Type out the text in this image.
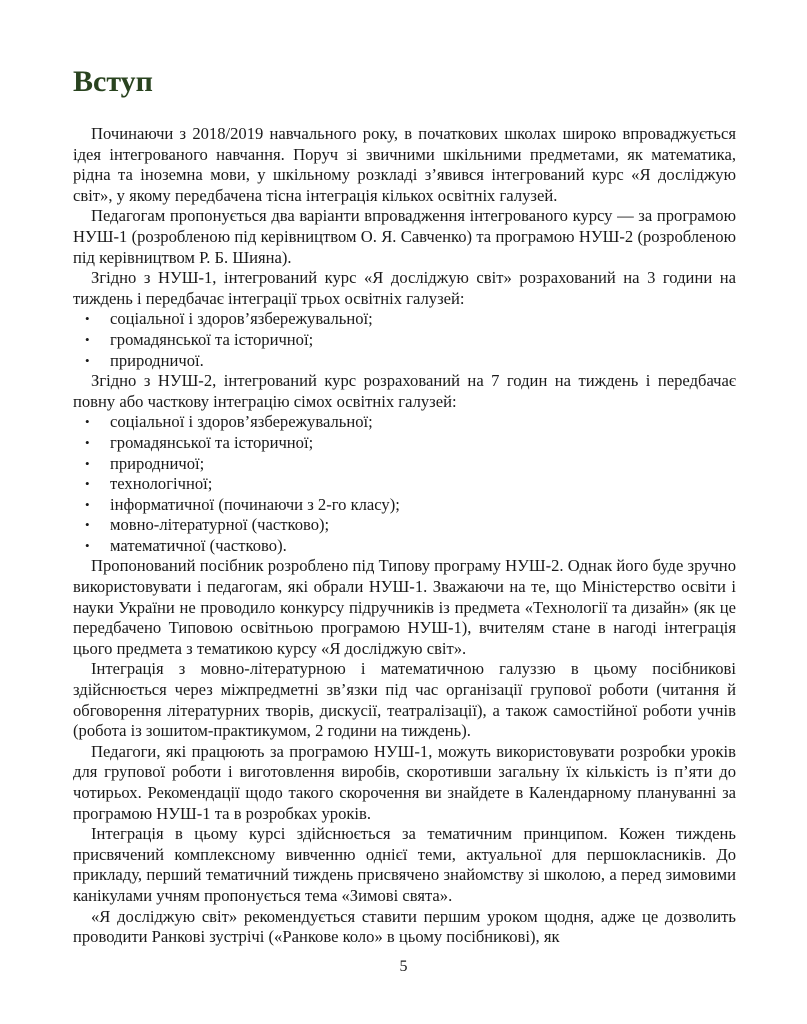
Вступ

Починаючи з 2018/2019 навчального року, в початкових школах широко впроваджується ідея інтегрованого навчання. Поруч зі звичними шкільними предметами, як математика, рідна та іноземна мови, у шкільному розкладі з’явився інтегрований курс «Я досліджую світ», у якому передбачена тісна інтеграція кількох освітніх галузей.

Педагогам пропонується два варіанти впровадження інтегрованого курсу — за програмою НУШ-1 (розробленою під керівництвом О. Я. Савченко) та програмою НУШ-2 (розробленою під керівництвом Р. Б. Шияна).

Згідно з НУШ-1, інтегрований курс «Я досліджую світ» розрахований на 3 години на тиждень і передбачає інтеграції трьох освітніх галузей:

• соціальної і здоров’язбережувальної;
• громадянської та історичної;
• природничої.

Згідно з НУШ-2, інтегрований курс розрахований на 7 годин на тиждень і передбачає повну або часткову інтеграцію сімох освітніх галузей:

• соціальної і здоров’язбережувальної;
• громадянської та історичної;
• природничої;
• технологічної;
• інформатичної (починаючи з 2-го класу);
• мовно-літературної (частково);
• математичної (частково).

Пропонований посібник розроблено під Типову програму НУШ-2. Однак його буде зручно використовувати і педагогам, які обрали НУШ-1. Зважаючи на те, що Міністерство освіти і науки України не проводило конкурсу підручників із предмета «Технології та дизайн» (як це передбачено Типовою освітньою програмою НУШ-1), вчителям стане в нагоді інтеграція цього предмета з тематикою курсу «Я досліджую світ».

Інтеграція з мовно-літературною і математичною галуззю в цьому посібникові здійснюється через міжпредметні зв’язки під час організації групової роботи (читання й обговорення літературних творів, дискусії, театралізації), а також самостійної роботи учнів (робота із зошитом-практикумом, 2 години на тиждень).

Педагоги, які працюють за програмою НУШ-1, можуть використовувати розробки уроків для групової роботи і виготовлення виробів, скоротивши загальну їх кількість із п’яти до чотирьох. Рекомендації щодо такого скорочення ви знайдете в Календарному плануванні за програмою НУШ-1 та в розробках уроків.

Інтеграція в цьому курсі здійснюється за тематичним принципом. Кожен тиждень присвячений комплексному вивченню однієї теми, актуальної для першокласників. До прикладу, перший тематичний тиждень присвячено знайомству зі школою, а перед зимовими канікулами учням пропонується тема «Зимові свята».

«Я досліджую світ» рекомендується ставити першим уроком щодня, адже це дозволить проводити Ранкові зустрічі («Ранкове коло» в цьому посібникові), як

5
